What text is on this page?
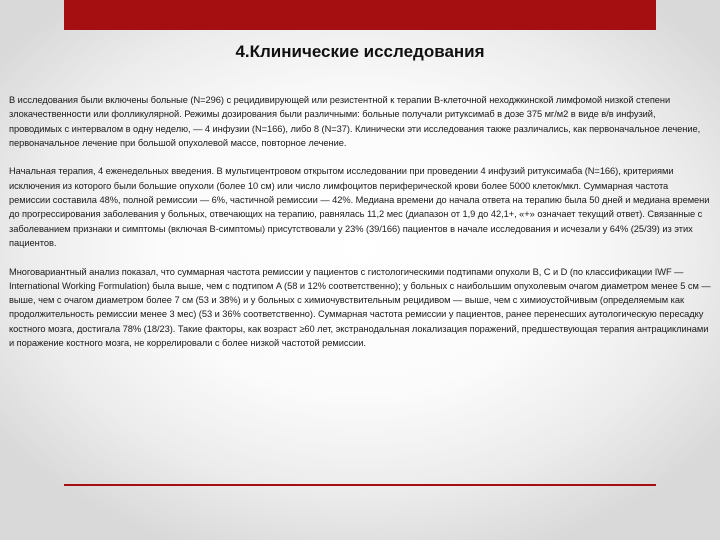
4.Клинические исследования

В исследования были включены больные (N=296) с рецидивирующей или резистентной к терапии В-клеточной неходжкинской лимфомой низкой степени злокачественности или фолликулярной. Режимы дозирования были различными: больные получали ритуксимаб в дозе 375 мг/м2 в виде в/в инфузий, проводимых с интервалом в одну неделю, — 4 инфузии (N=166), либо 8 (N=37). Клинически эти исследования также различались, как первоначальное лечение, первоначальное лечение при большой опухолевой массе, повторное лечение.

Начальная терапия, 4 еженедельных введения. В мультицентровом открытом исследовании при проведении 4 инфузий ритуксимаба (N=166), критериями исключения из которого были большие опухоли (более 10 см) или число лимфоцитов периферической крови более 5000 клеток/мкл. Суммарная частота ремиссии составила 48%, полной ремиссии — 6%, частичной ремиссии — 42%. Медиана времени до начала ответа на терапию была 50 дней и медиана времени до прогрессирования заболевания у больных, отвечающих на терапию, равнялась 11,2 мес (диапазон от 1,9 до 42,1+, «+» означает текущий ответ). Связанные с заболеванием признаки и симптомы (включая В-симптомы) присутствовали у 23% (39/166) пациентов в начале исследования и исчезали у 64% (25/39) из этих пациентов.

Многовариантный анализ показал, что суммарная частота ремиссии у пациентов с гистологическими подтипами опухоли B, C и D (по классификации IWF — International Working Formulation) была выше, чем с подтипом A (58 и 12% соответственно); у больных с наибольшим опухолевым очагом диаметром менее 5 см — выше, чем с очагом диаметром более 7 см (53 и 38%) и у больных с химиочувствительным рецидивом — выше, чем с химиоустойчивым (определяемым как продолжительность ремиссии менее 3 мес) (53 и 36% соответственно). Суммарная частота ремиссии у пациентов, ранее перенесших аутологическую пересадку костного мозга, достигала 78% (18/23). Такие факторы, как возраст ≥60 лет, экстранодальная локализация поражений, предшествующая терапия антрациклинами и поражение костного мозга, не коррелировали с более низкой частотой ремиссии.
